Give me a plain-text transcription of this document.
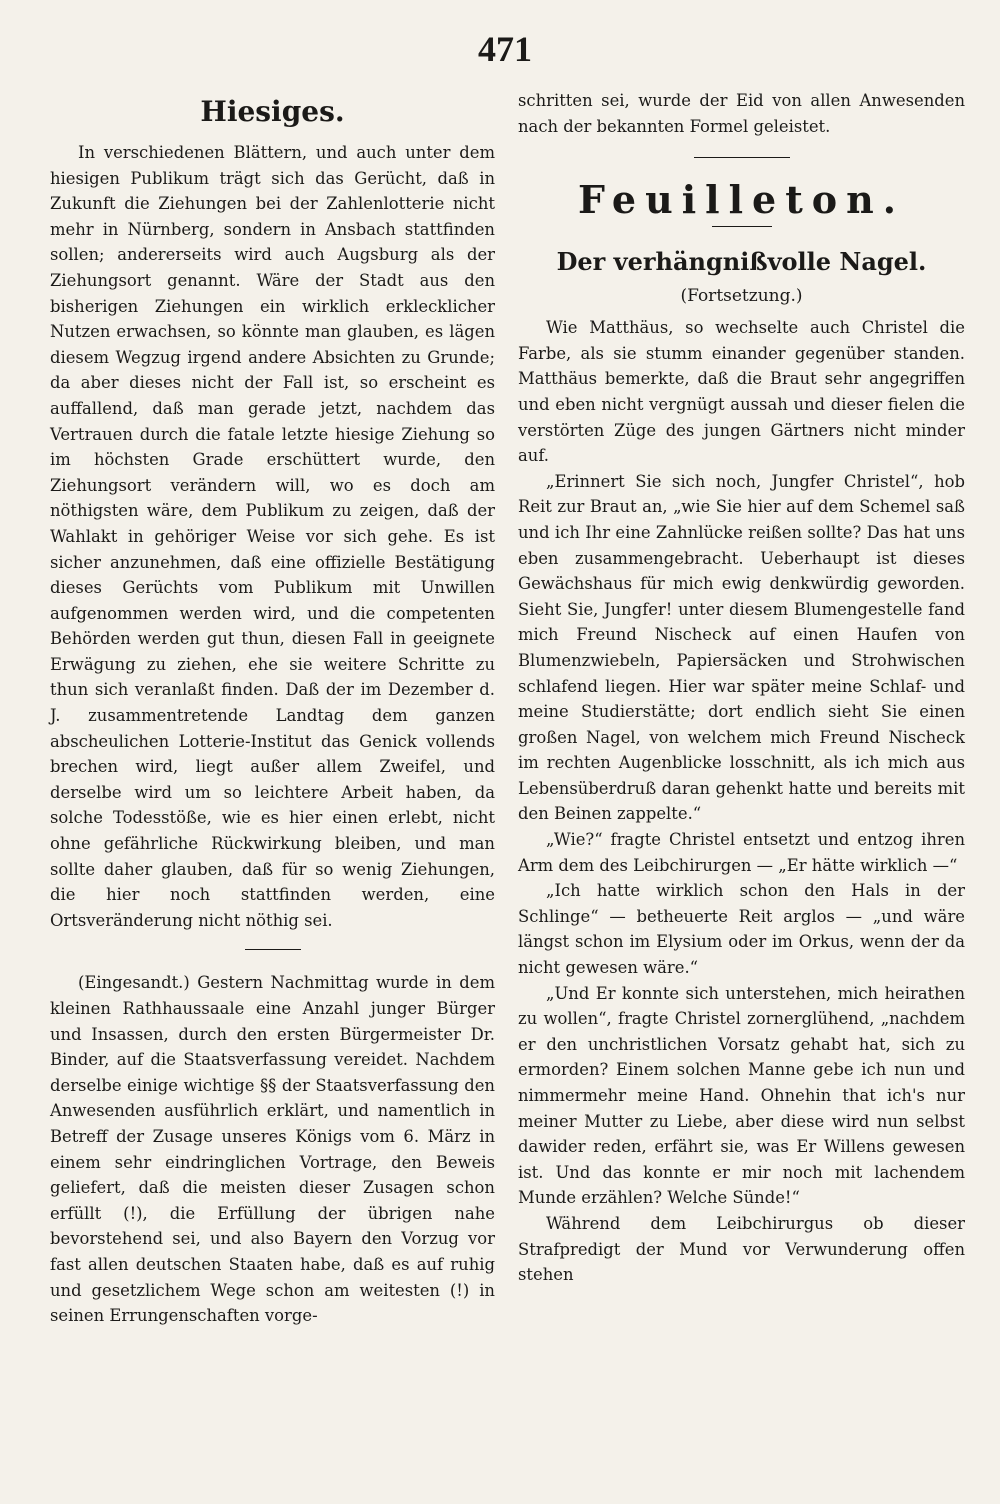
471
Hiesiges.

In verschiedenen Blättern, und auch unter dem hiesigen Publikum trägt sich das Gerücht, daß in Zukunft die Ziehungen bei der Zahlenlotterie nicht mehr in Nürnberg, sondern in Ansbach stattfinden sollen; andererseits wird auch Augsburg als der Ziehungsort genannt. Wäre der Stadt aus den bisherigen Ziehungen ein wirklich erklecklicher Nutzen erwachsen, so könnte man glauben, es lägen diesem Wegzug irgend andere Absichten zu Grunde; da aber dieses nicht der Fall ist, so erscheint es auffallend, daß man gerade jetzt, nachdem das Vertrauen durch die fatale letzte hiesige Ziehung so im höchsten Grade erschüttert wurde, den Ziehungsort verändern will, wo es doch am nöthigsten wäre, dem Publikum zu zeigen, daß der Wahlakt in gehöriger Weise vor sich gehe. Es ist sicher anzunehmen, daß eine offizielle Bestätigung dieses Gerüchts vom Publikum mit Unwillen aufgenommen werden wird, und die competenten Behörden werden gut thun, diesen Fall in geeignete Erwägung zu ziehen, ehe sie weitere Schritte zu thun sich veranlaßt finden. Daß der im Dezember d. J. zusammentretende Landtag dem ganzen abscheulichen Lotterie-Institut das Genick vollends brechen wird, liegt außer allem Zweifel, und derselbe wird um so leichtere Arbeit haben, da solche Todesstöße, wie es hier einen erlebt, nicht ohne gefährliche Rückwirkung bleiben, und man sollte daher glauben, daß für so wenig Ziehungen, die hier noch stattfinden werden, eine Ortsveränderung nicht nöthig sei.

(Eingesandt.) Gestern Nachmittag wurde in dem kleinen Rathhaussaale eine Anzahl junger Bürger und Insassen, durch den ersten Bürgermeister Dr. Binder, auf die Staatsverfassung vereidet. Nachdem derselbe einige wichtige §§ der Staatsverfassung den Anwesenden ausführlich erklärt, und namentlich in Betreff der Zusage unseres Königs vom 6. März in einem sehr eindringlichen Vortrage, den Beweis geliefert, daß die meisten dieser Zusagen schon erfüllt (!), die Erfüllung der übrigen nahe bevorstehend sei, und also Bayern den Vorzug vor fast allen deutschen Staaten habe, daß es auf ruhig und gesetzlichem Wege schon am weitesten (!) in seinen Errungenschaften vorge-

schritten sei, wurde der Eid von allen Anwesenden nach der bekannten Formel geleistet.

Feuilleton.
Der verhängnißvolle Nagel.
(Fortsetzung.)

Wie Matthäus, so wechselte auch Christel die Farbe, als sie stumm einander gegenüber standen. Matthäus bemerkte, daß die Braut sehr angegriffen und eben nicht vergnügt aussah und dieser fielen die verstörten Züge des jungen Gärtners nicht minder auf.

„Erinnert Sie sich noch, Jungfer Christel“, hob Reit zur Braut an, „wie Sie hier auf dem Schemel saß und ich Ihr eine Zahnlücke reißen sollte? Das hat uns eben zusammengebracht. Ueberhaupt ist dieses Gewächshaus für mich ewig denkwürdig geworden. Sieht Sie, Jungfer! unter diesem Blumengestelle fand mich Freund Nischeck auf einen Haufen von Blumenzwiebeln, Papiersäcken und Strohwischen schlafend liegen. Hier war später meine Schlaf- und meine Studierstätte; dort endlich sieht Sie einen großen Nagel, von welchem mich Freund Nischeck im rechten Augenblicke losschnitt, als ich mich aus Lebensüberdruß daran gehenkt hatte und bereits mit den Beinen zappelte.“

„Wie?“ fragte Christel entsetzt und entzog ihren Arm dem des Leibchirurgen — „Er hätte wirklich —“

„Ich hatte wirklich schon den Hals in der Schlinge“ — betheuerte Reit arglos — „und wäre längst schon im Elysium oder im Orkus, wenn der da nicht gewesen wäre.“

„Und Er konnte sich unterstehen, mich heirathen zu wollen“, fragte Christel zornerglühend, „nachdem er den unchristlichen Vorsatz gehabt hat, sich zu ermorden? Einem solchen Manne gebe ich nun und nimmermehr meine Hand. Ohnehin that ich's nur meiner Mutter zu Liebe, aber diese wird nun selbst dawider reden, erfährt sie, was Er Willens gewesen ist. Und das konnte er mir noch mit lachendem Munde erzählen? Welche Sünde!“

Während dem Leibchirurgus ob dieser Strafpredigt der Mund vor Verwunderung offen stehen
